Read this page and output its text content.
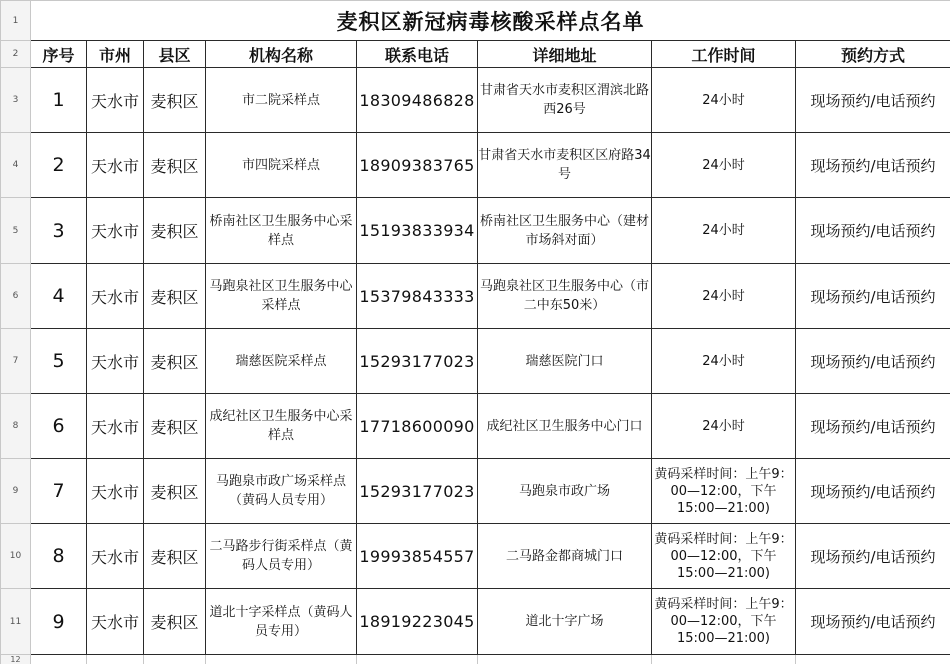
1	麦积区新冠病毒核酸采样点名单							
2	序号	市州	县区	机构名称	联系电话	详细地址	工作时间	预约方式
3	1	天水市	麦积区	市二院采样点	18309486828	甘肃省天水市麦积区渭滨北路西26号	24小时	现场预约/电话预约
4	2	天水市	麦积区	市四院采样点	18909383765	甘肃省天水市麦积区区府路34号	24小时	现场预约/电话预约
5	3	天水市	麦积区	桥南社区卫生服务中心采样点	15193833934	桥南社区卫生服务中心（建材市场斜对面）	24小时	现场预约/电话预约
6	4	天水市	麦积区	马跑泉社区卫生服务中心采样点	15379843333	马跑泉社区卫生服务中心（市二中东50米）	24小时	现场预约/电话预约
7	5	天水市	麦积区	瑞慈医院采样点	15293177023	瑞慈医院门口	24小时	现场预约/电话预约
8	6	天水市	麦积区	成纪社区卫生服务中心采样点	17718600090	成纪社区卫生服务中心门口	24小时	现场预约/电话预约
9	7	天水市	麦积区	马跑泉市政广场采样点（黄码人员专用）	15293177023	马跑泉市政广场	黄码采样时间：上午9：00—12:00，下午15:00—21:00)	现场预约/电话预约
10	8	天水市	麦积区	二马路步行街采样点（黄码人员专用）	19993854557	二马路金都商城门口	黄码采样时间：上午9：00—12:00，下午15:00—21:00)	现场预约/电话预约
11	9	天水市	麦积区	道北十字采样点（黄码人员专用）	18919223045	道北十字广场	黄码采样时间：上午9：00—12:00，下午15:00—21:00)	现场预约/电话预约
12								
